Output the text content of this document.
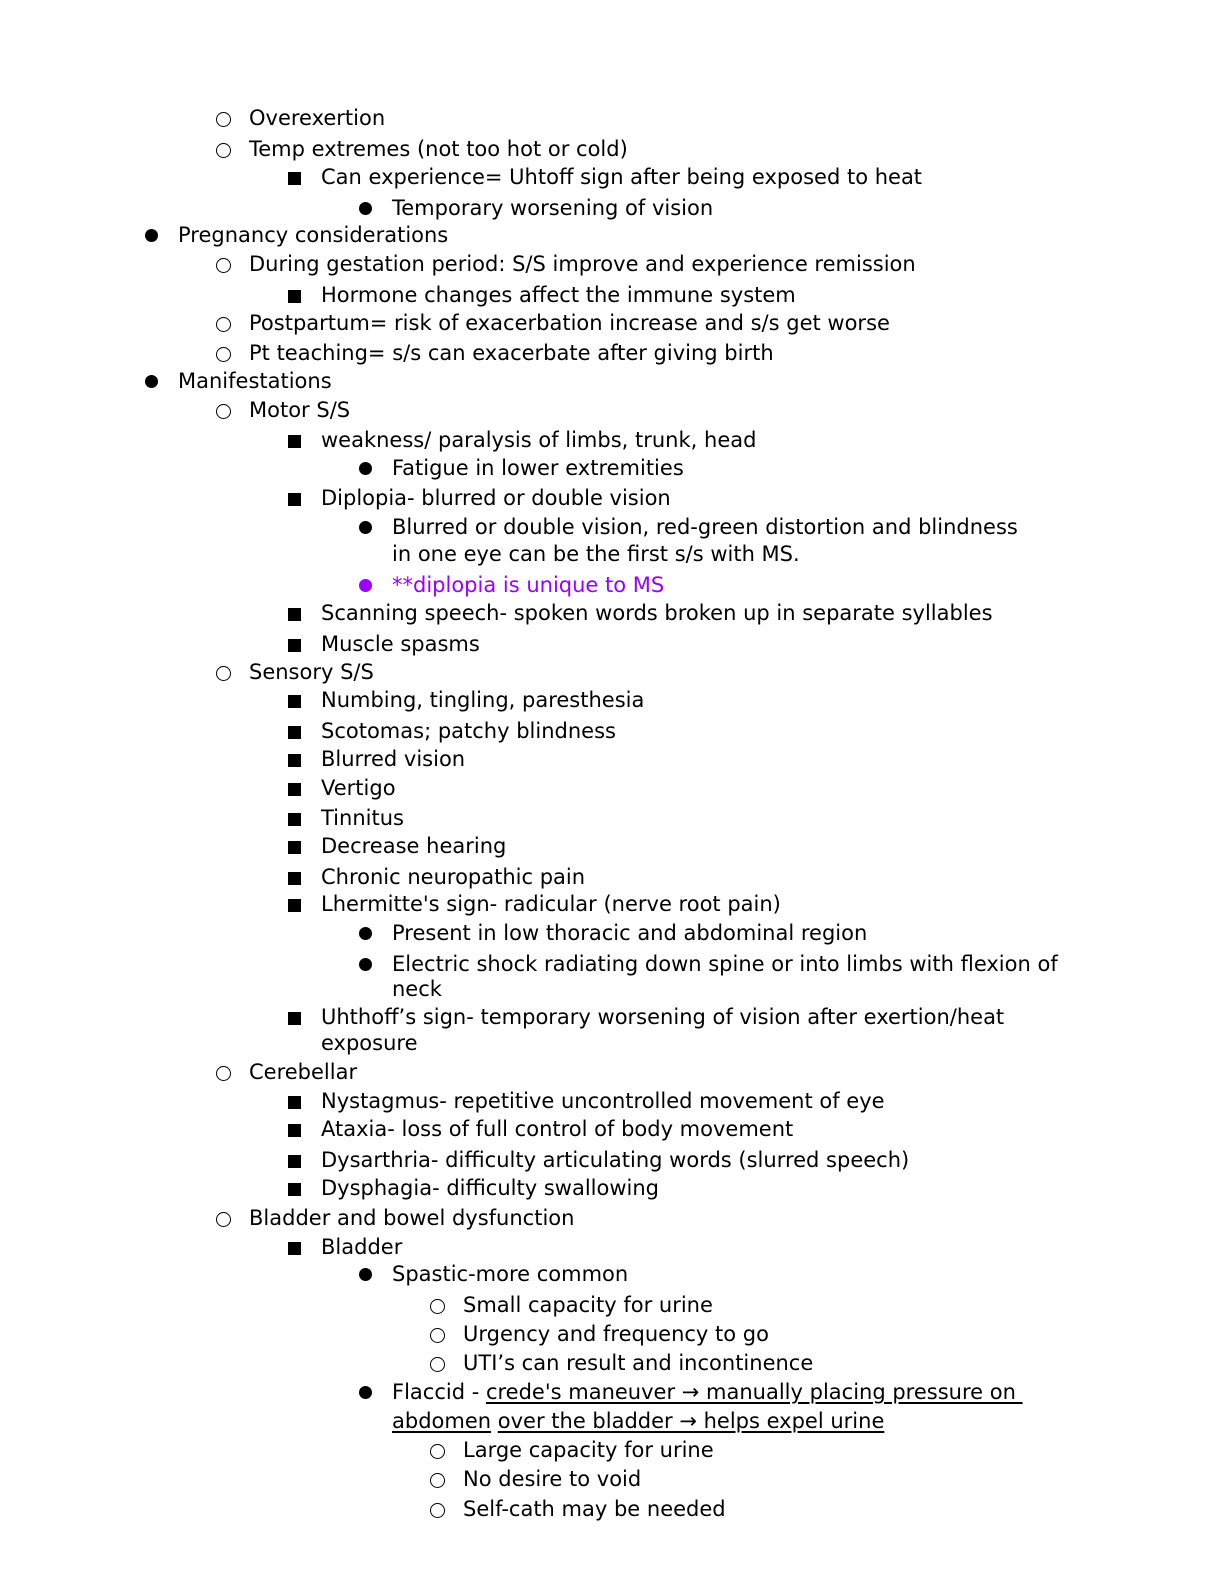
Overexertion
Temp extremes (not too hot or cold)
Can experience= Uhtoff sign after being exposed to heat
Temporary worsening of vision
Pregnancy considerations
During gestation period: S/S improve and experience remission
Hormone changes affect the immune system
Postpartum= risk of exacerbation increase and s/s get worse
Pt teaching= s/s can exacerbate after giving birth
Manifestations
Motor S/S
weakness/ paralysis of limbs, trunk, head
Fatigue in lower extremities
Diplopia- blurred or double vision
Blurred or double vision, red-green distortion and blindness
in one eye can be the first s/s with MS.
**diplopia is unique to MS
Scanning speech- spoken words broken up in separate syllables
Muscle spasms
Sensory S/S
Numbing, tingling, paresthesia
Scotomas; patchy blindness
Blurred vision
Vertigo
Tinnitus
Decrease hearing
Chronic neuropathic pain
Lhermitte's sign- radicular (nerve root pain)
Present in low thoracic and abdominal region
Electric shock radiating down spine or into limbs with flexion of
neck
Uhthoff’s sign- temporary worsening of vision after exertion/heat
exposure
Cerebellar
Nystagmus- repetitive uncontrolled movement of eye
Ataxia- loss of full control of body movement
Dysarthria- difficulty articulating words (slurred speech)
Dysphagia- difficulty swallowing
Bladder and bowel dysfunction
Bladder
Spastic-more common
Small capacity for urine
Urgency and frequency to go
UTI’s can result and incontinence
Flaccid - crede's maneuver → manually placing pressure on
abdomen over the bladder → helps expel urine
Large capacity for urine
No desire to void
Self-cath may be needed
